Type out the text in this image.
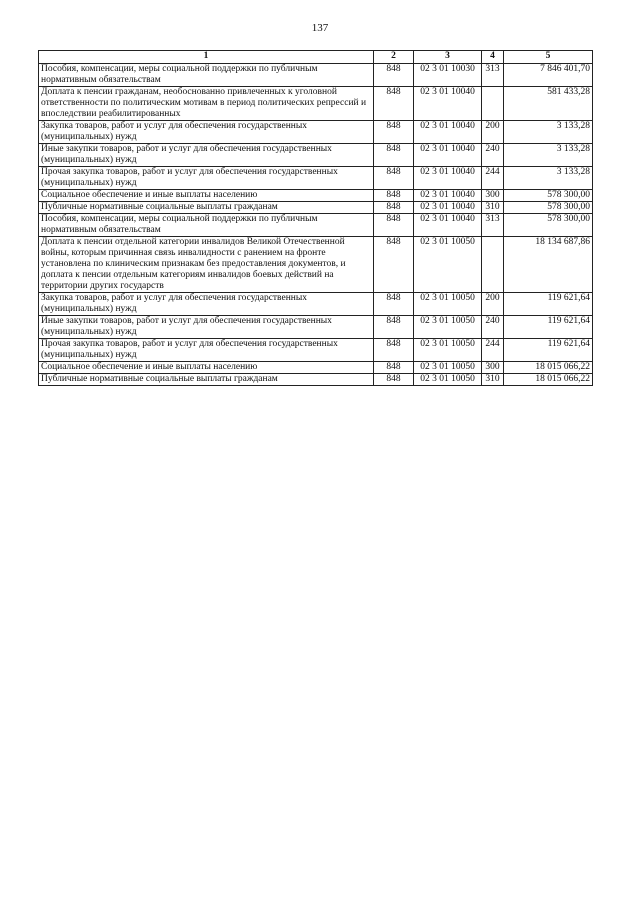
137
1	2	3	4	5
Пособия, компенсации, меры социальной поддержки по публичным нормативным обязательствам	848	02 3 01 10030	313	7 846 401,70
Доплата к пенсии гражданам, необоснованно привлеченных к уголовной ответственности по политическим мотивам в период политических репрессий и впоследствии реабилитированных	848	02 3 01 10040		581 433,28
Закупка товаров, работ и услуг для обеспечения государственных (муниципальных) нужд	848	02 3 01 10040	200	3 133,28
Иные закупки товаров, работ и услуг для обеспечения государственных (муниципальных) нужд	848	02 3 01 10040	240	3 133,28
Прочая закупка товаров, работ и услуг для обеспечения государственных (муниципальных) нужд	848	02 3 01 10040	244	3 133,28
Социальное обеспечение и иные выплаты населению	848	02 3 01 10040	300	578 300,00
Публичные нормативные социальные выплаты гражданам	848	02 3 01 10040	310	578 300,00
Пособия, компенсации, меры социальной поддержки по публичным нормативным обязательствам	848	02 3 01 10040	313	578 300,00
Доплата к пенсии отдельной категории инвалидов Великой Отечественной войны, которым причинная связь инвалидности с ранением на фронте установлена по клиническим признакам без предоставления документов, и доплата к пенсии отдельным категориям инвалидов боевых действий на территории других государств	848	02 3 01 10050		18 134 687,86
Закупка товаров, работ и услуг для обеспечения государственных (муниципальных) нужд	848	02 3 01 10050	200	119 621,64
Иные закупки товаров, работ и услуг для обеспечения государственных (муниципальных) нужд	848	02 3 01 10050	240	119 621,64
Прочая закупка товаров, работ и услуг для обеспечения государственных (муниципальных) нужд	848	02 3 01 10050	244	119 621,64
Социальное обеспечение и иные выплаты населению	848	02 3 01 10050	300	18 015 066,22
Публичные нормативные социальные выплаты гражданам	848	02 3 01 10050	310	18 015 066,22
